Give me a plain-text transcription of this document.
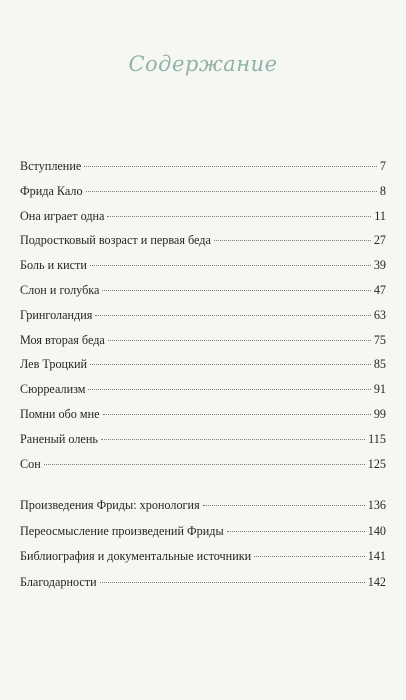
Содержание
Вступление	7
Фрида Кало	8
Она играет одна	11
Подростковый возраст и первая беда	27
Боль и кисти	39
Слон и голубка	47
Гринголандия	63
Моя вторая беда	75
Лев Троцкий	85
Сюрреализм	91
Помни обо мне	99
Раненый олень	115
Сон	125
Произведения Фриды: хронология	136
Переосмысление произведений Фриды	140
Библиография и документальные источники	141
Благодарности	142
